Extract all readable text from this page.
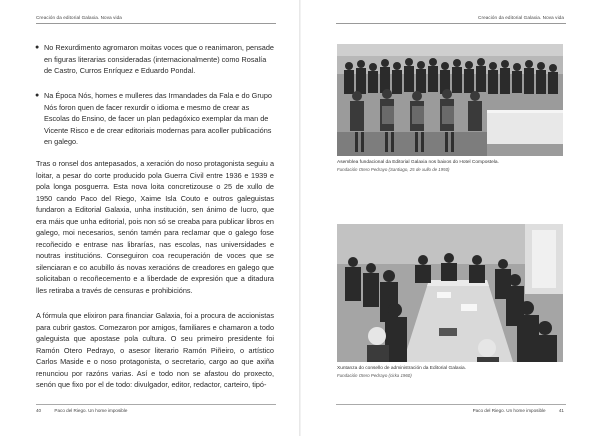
Creación da editorial Galaxia. Nova vida	Creación da editorial Galaxia. Nova vida
● No Rexurdimento agromaron moitas voces que o reanimaron, pensade en figuras literarias consideradas (internacionalmente) como Rosalía de Castro, Curros Enríquez e Eduardo Pondal.
● Na Época Nós, homes e mulleres das Irmandades da Fala e do Grupo Nós foron quen de facer rexurdir o idioma e mesmo de crear as Escolas do Ensino, de facer un plan pedagóxico exemplar da man de Vicente Risco e de crear editoriais modernas para acoller publicacións en galego.
Tras o ronsel dos antepasados, a xeración do noso protagonista seguiu a loitar, a pesar do corte producido pola Guerra Civil entre 1936 e 1939 e pola longa posguerra. Esta nova loita concretizouse o 25 de xullo de 1950 cando Paco del Riego, Xaime Isla Couto e outros galeguistas fundaron a Editorial Galaxia, unha institución, sen ánimo de lucro, que era máis que unha editorial, pois non só se creaba para publicar libros en galego, moi necesarios, senón tamén para reclamar que o galego fose recoñecido e entrase nas librarías, nas escolas, nas universidades e noutras institucións. Conseguiron coa recuperación de voces que se silenciaran e co acubillo ás novas xeracións de creadores en galego que solicitaban o recoñecemento e a liberdade de expresión que a ditadura lles retiraba a través de censuras e prohibicións.
A fórmula que elixiron para financiar Galaxia, foi a procura de accionistas para cubrir gastos. Comezaron por amigos, familiares e chamaron a todo galeguista que apostase pola cultura. O seu primeiro presidente foi Ramón Otero Pedrayo, o asesor literario Ramón Piñeiro, o artístico Carlos Maside e o noso protagonista, o secretario, cargo ao que axiña renunciou por razóns varias. Así e todo non se afastou do proxecto, senón que fixo por el de todo: divulgador, editor, redactor, carteiro, tipó-
Asemblea fundacional da Editorial Galaxia nos baixos do Hotel Compostela.
Fundación Otero Pedrayo (Santiago, 25 de xullo de 1950)
Xuntanza do consello de administración da Editorial Galaxia.
Fundación Otero Pedrayo (cirka 1960)
40	Paco del Riego. Un home imposible	Paco del Riego. Un home imposible	41
